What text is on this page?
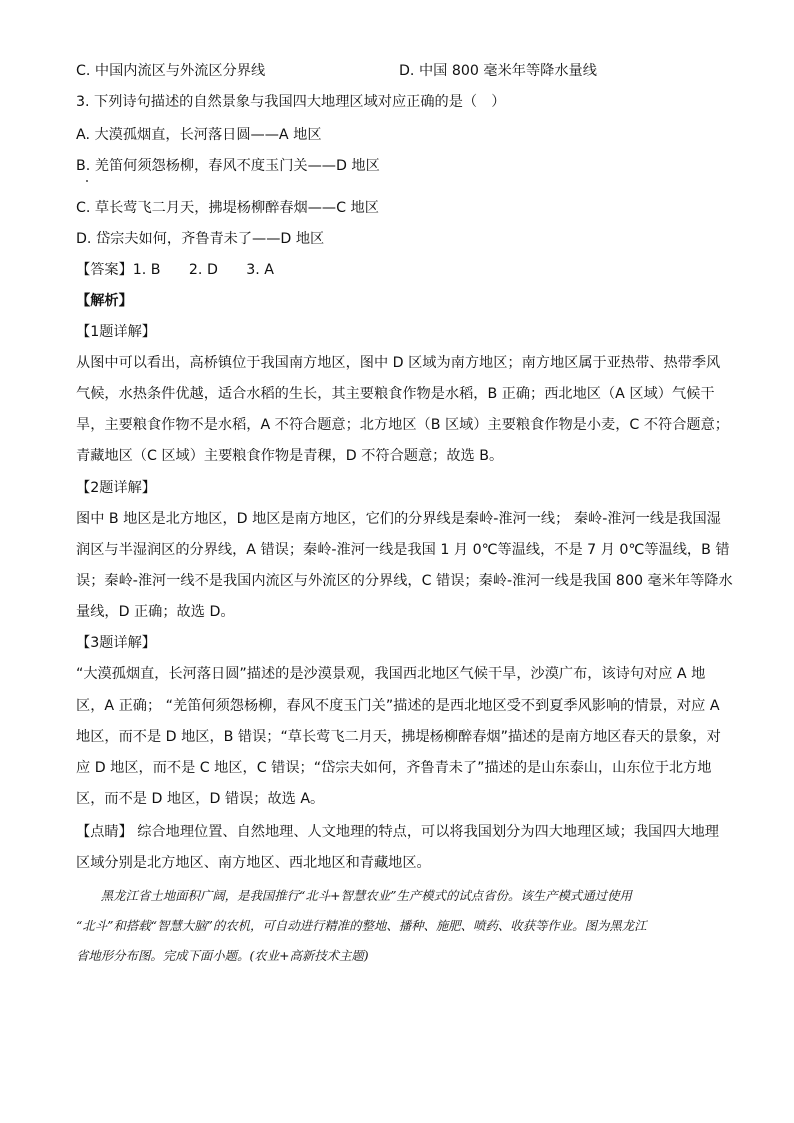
C. 中国内流区与外流区分界线	D. 中国 800 毫米年等降水量线
3. 下列诗句描述的自然景象与我国四大地理区域对应正确的是（　）
A. 大漠孤烟直，长河落日圆——A 地区
B. 羌笛何须怨杨柳，春风不度玉门关——D 地区
C. 草长莺飞二月天，拂堤杨柳醉春烟——C 地区
D. 岱宗夫如何，齐鲁青未了——D 地区
【答案】1. B　　2. D　　3. A
【解析】
【1题详解】
从图中可以看出，高桥镇位于我国南方地区，图中 D 区域为南方地区；南方地区属于亚热带、热带季风
气候，水热条件优越，适合水稻的生长，其主要粮食作物是水稻，B 正确；西北地区（A 区域）气候干
旱，主要粮食作物不是水稻，A 不符合题意；北方地区（B 区域）主要粮食作物是小麦，C 不符合题意；
青藏地区（C 区域）主要粮食作物是青稞，D 不符合题意；故选 B。
【2题详解】
图中 B 地区是北方地区，D 地区是南方地区，它们的分界线是秦岭-淮河一线； 秦岭-淮河一线是我国湿
润区与半湿润区的分界线，A 错误；秦岭-淮河一线是我国 1 月 0℃等温线，不是 7 月 0℃等温线，B 错
误；秦岭-淮河一线不是我国内流区与外流区的分界线，C 错误；秦岭-淮河一线是我国 800 毫米年等降水
量线，D 正确；故选 D。
【3题详解】
“大漠孤烟直，长河落日圆”描述的是沙漠景观，我国西北地区气候干旱，沙漠广布，该诗句对应 A 地
区，A 正确； “羌笛何须怨杨柳，春风不度玉门关”描述的是西北地区受不到夏季风影响的情景，对应 A
地区，而不是 D 地区，B 错误；“草长莺飞二月天，拂堤杨柳醉春烟”描述的是南方地区春天的景象，对
应 D 地区，而不是 C 地区，C 错误；“岱宗夫如何，齐鲁青未了”描述的是山东泰山，山东位于北方地
区，而不是 D 地区，D 错误；故选 A。
【点睛】 综合地理位置、自然地理、人文地理的特点，可以将我国划分为四大地理区域；我国四大地理
区域分别是北方地区、南方地区、西北地区和青藏地区。
　　黑龙江省土地面积广阔，是我国推行“北斗+智慧农业”生产模式的试点省份。该生产模式通过使用
“北斗”和搭载“智慧大脑”的农机，可自动进行精准的整地、播种、施肥、喷药、收获等作业。图为黑龙江
省地形分布图。完成下面小题。(农业+高新技术主题)
